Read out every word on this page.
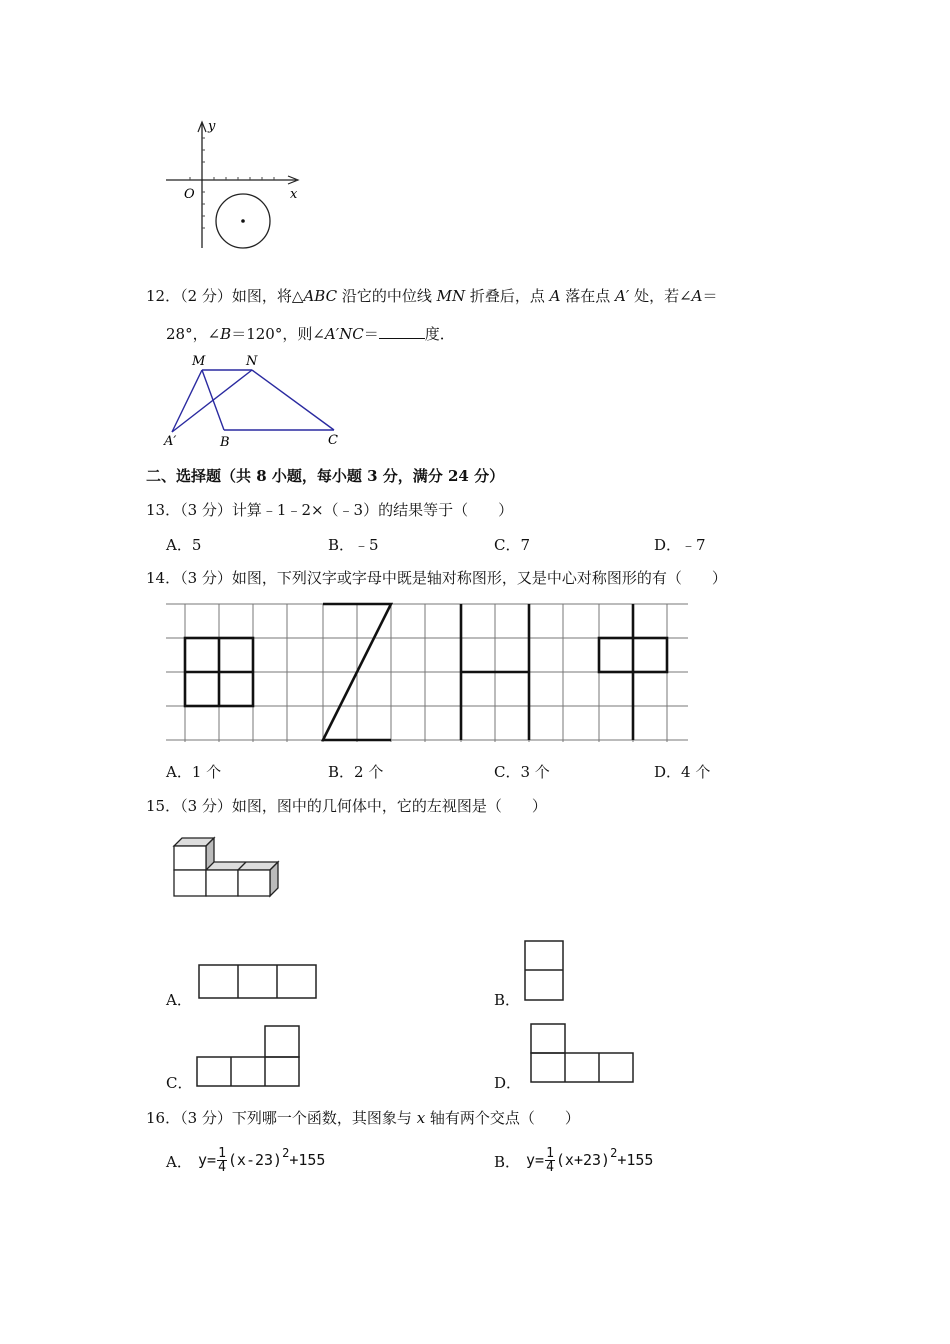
y
x
O
12．（2 分）如图，将△ABC 沿它的中位线 MN 折叠后，点 A 落在点 A′ 处，若∠A＝
28°，∠B＝120°，则∠A′NC＝	度．
M	N
A′	B	C
二、选择题（共 8 小题，每小题 3 分，满分 24 分）
13．（3 分）计算﹣1﹣2×（﹣3）的结果等于（　　）
A．5	B．﹣5	C．7	D．﹣7
14．（3 分）如图，下列汉字或字母中既是轴对称图形，又是中心对称图形的有（　　）
A．1 个	B．2 个	C．3 个	D．4 个
15．（3 分）如图，图中的几何体中，它的左视图是（　　）
A．	B．
C．	D．
16．（3 分）下列哪一个函数，其图象与 x 轴有两个交点（　　）
A． $y= \frac{1}{4} (x-23)^2+155$	B． $y= \frac{1}{4} (x+23)^2+155$
